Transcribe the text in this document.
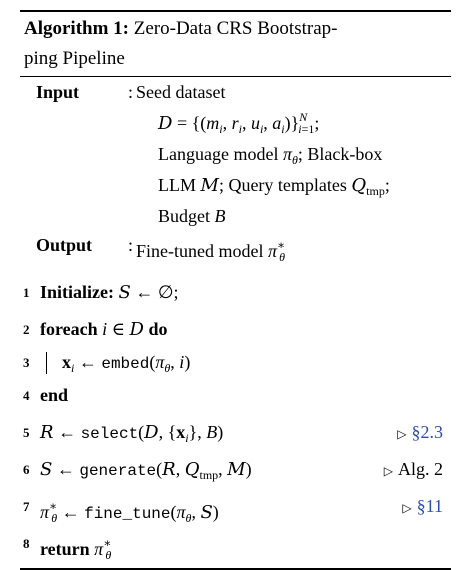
Algorithm 1: Zero-Data CRS Bootstrap-
ping Pipeline
Input	: Seed dataset
$D = \{(m_i$, $r_i$, $u_i$, $a_i)\}^N_{i=1}$;
Language model $\pi_\theta$; Black-box
LLM M; Query templates $Q_{tmp}$;
Budget B
Output : Fine-tuned model $\pi^∗_\theta$
1 Initialize: S ← ∅;
2 foreach i ∈ D do
3 $x_i$ ← $embed(\pi_\theta$, i)
4 end
5 R ← select(D, $\{x_i\}$, B)	▷ §2.3
6 S ← generate(R, $Q_{tmp}$, M)	▷ Alg. 2
7 $\pi^∗_\theta$ ← $fine\_tune(\pi_\theta$, S)	▷ §11
8 return $\pi^∗_\theta$
